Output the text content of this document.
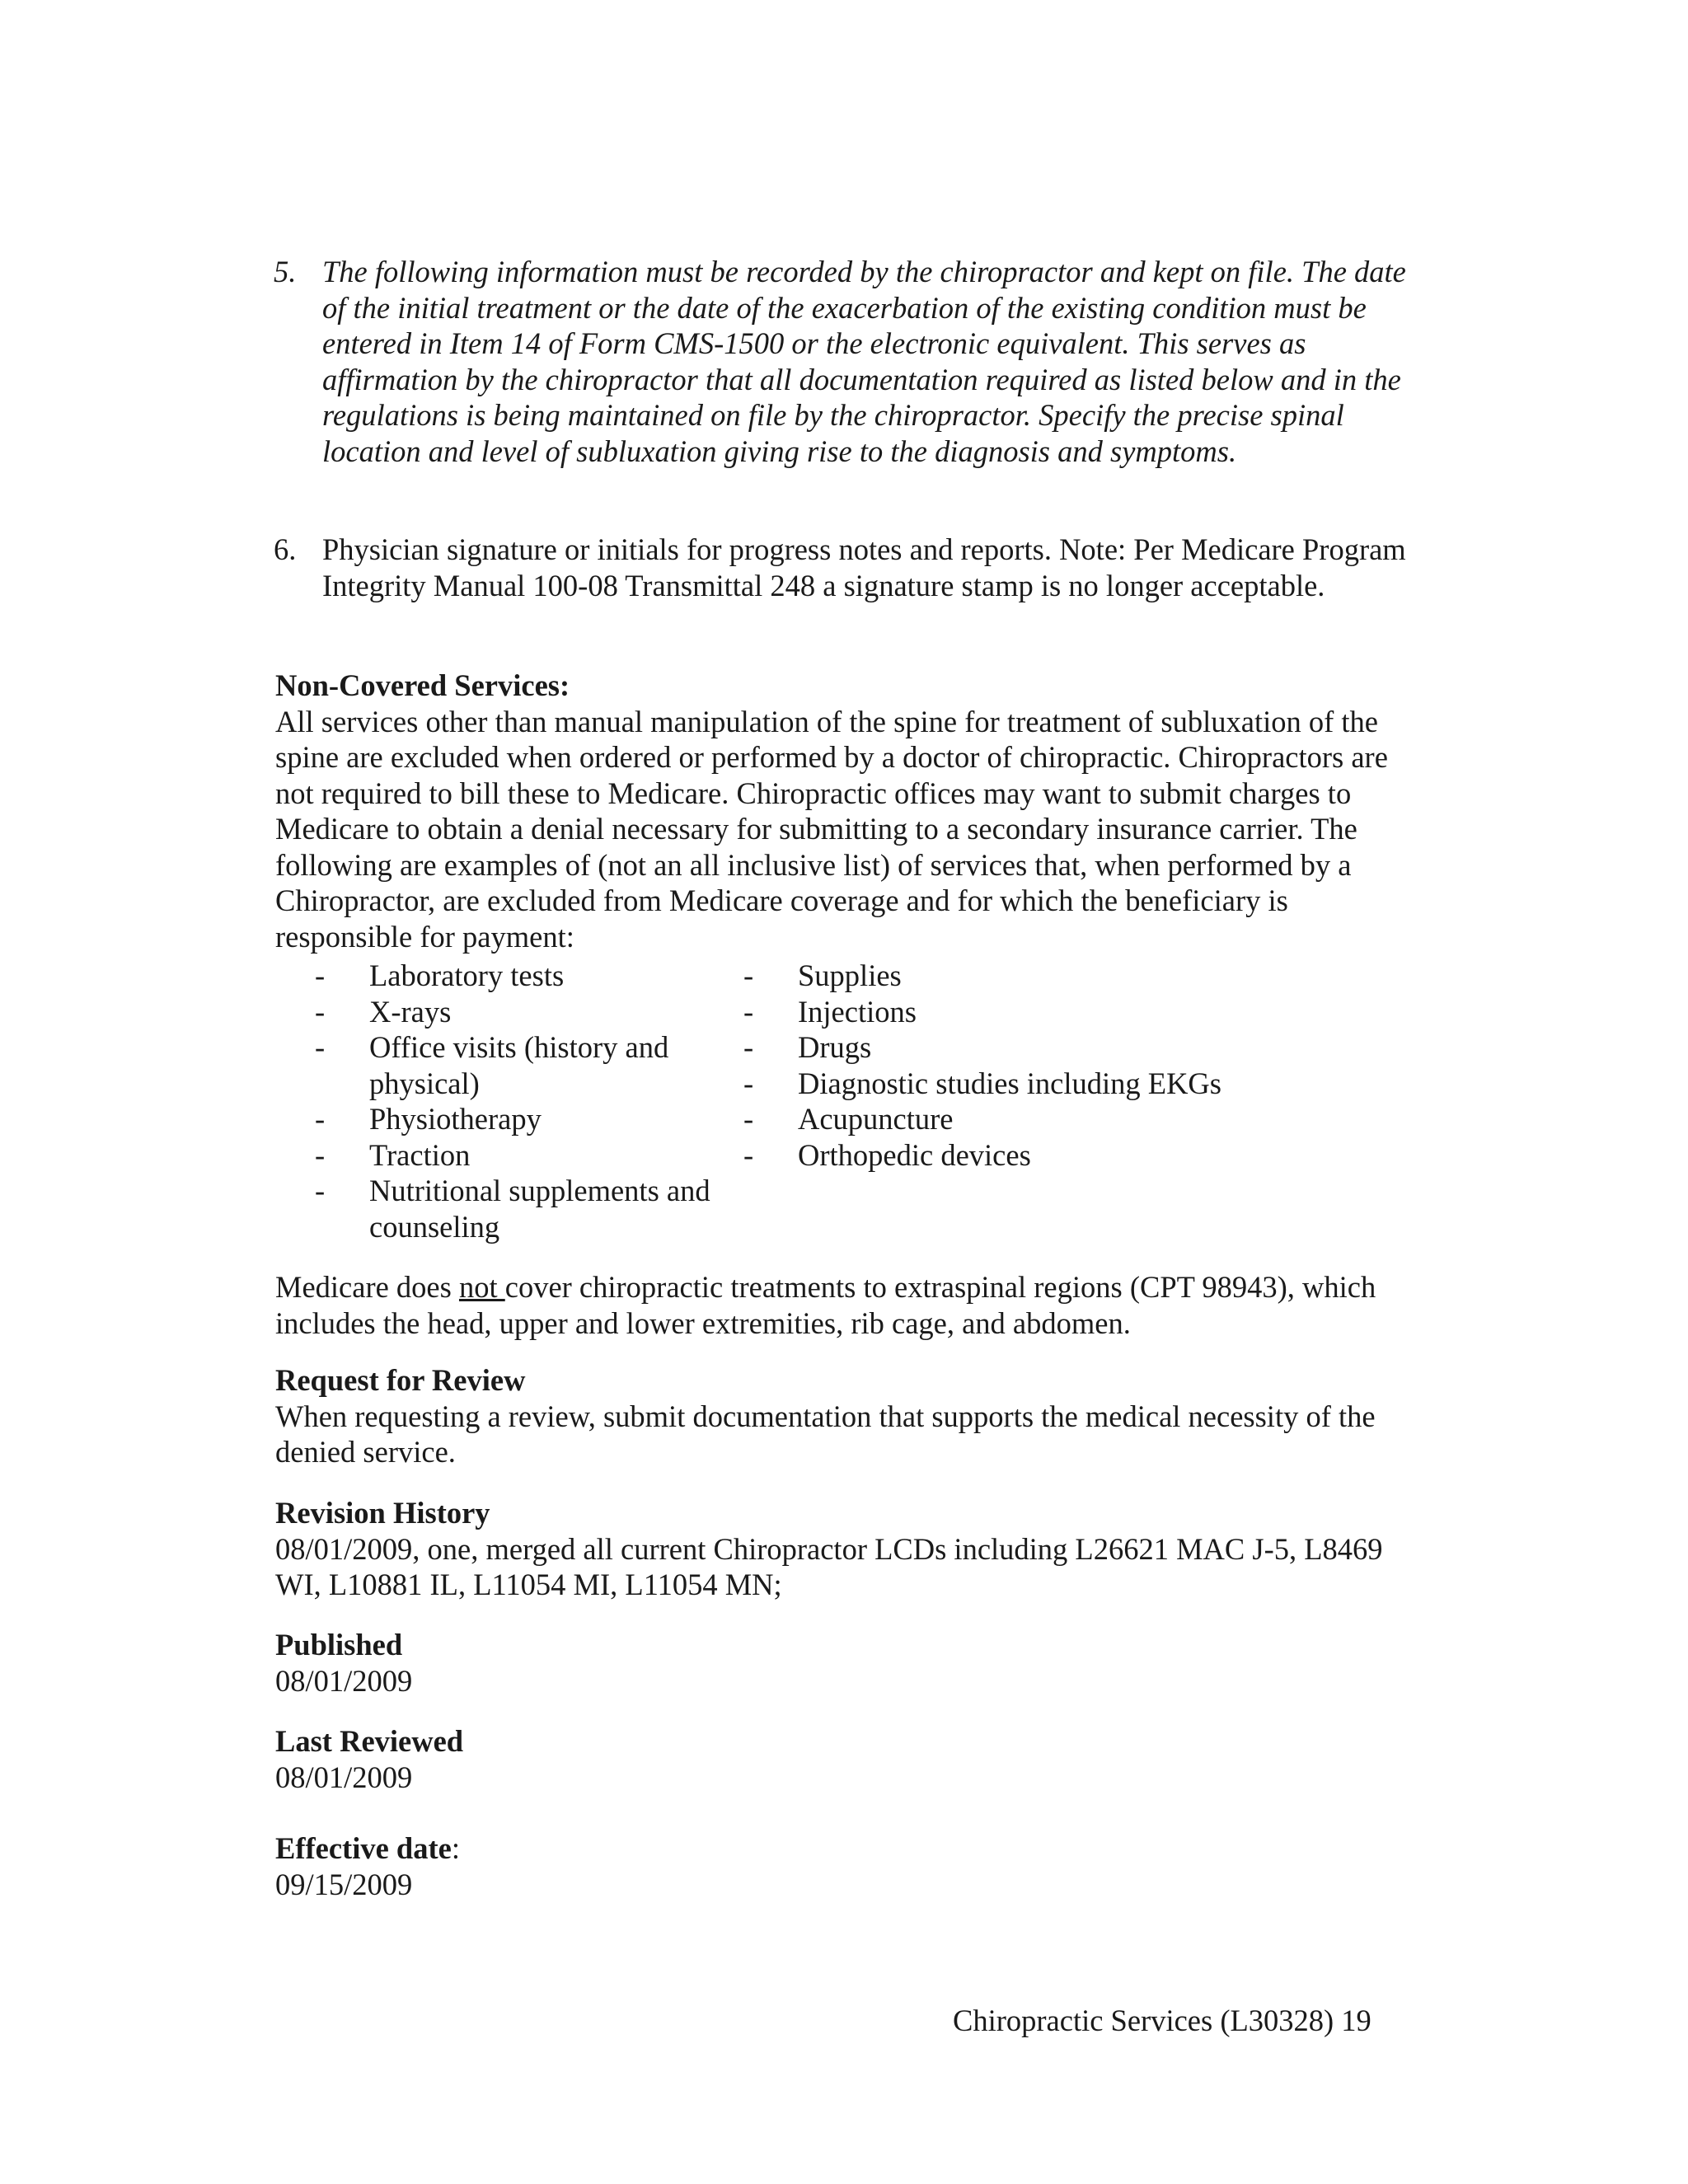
5. The following information must be recorded by the chiropractor and kept on file. The date of the initial treatment or the date of the exacerbation of the existing condition must be entered in Item 14 of Form CMS-1500 or the electronic equivalent. This serves as affirmation by the chiropractor that all documentation required as listed below and in the regulations is being maintained on file by the chiropractor. Specify the precise spinal location and level of subluxation giving rise to the diagnosis and symptoms.
6. Physician signature or initials for progress notes and reports. Note: Per Medicare Program Integrity Manual 100-08 Transmittal 248 a signature stamp is no longer acceptable.
Non-Covered Services:
All services other than manual manipulation of the spine for treatment of subluxation of the spine are excluded when ordered or performed by a doctor of chiropractic. Chiropractors are not required to bill these to Medicare. Chiropractic offices may want to submit charges to Medicare to obtain a denial necessary for submitting to a secondary insurance carrier. The following are examples of (not an all inclusive list) of services that, when performed by a Chiropractor, are excluded from Medicare coverage and for which the beneficiary is responsible for payment:
- Laboratory tests
- X-rays
- Office visits (history and physical)
- Physiotherapy
- Traction
- Nutritional supplements and counseling
- Supplies
- Injections
- Drugs
- Diagnostic studies including EKGs
- Acupuncture
- Orthopedic devices
Medicare does not cover chiropractic treatments to extraspinal regions (CPT 98943), which includes the head, upper and lower extremities, rib cage, and abdomen.
Request for Review
When requesting a review, submit documentation that supports the medical necessity of the denied service.
Revision History
08/01/2009, one, merged all current Chiropractor LCDs including L26621 MAC J-5, L8469 WI, L10881 IL, L11054 MI, L11054 MN;
Published
08/01/2009
Last Reviewed
08/01/2009
Effective date:
09/15/2009
Chiropractic Services (L30328) 19
